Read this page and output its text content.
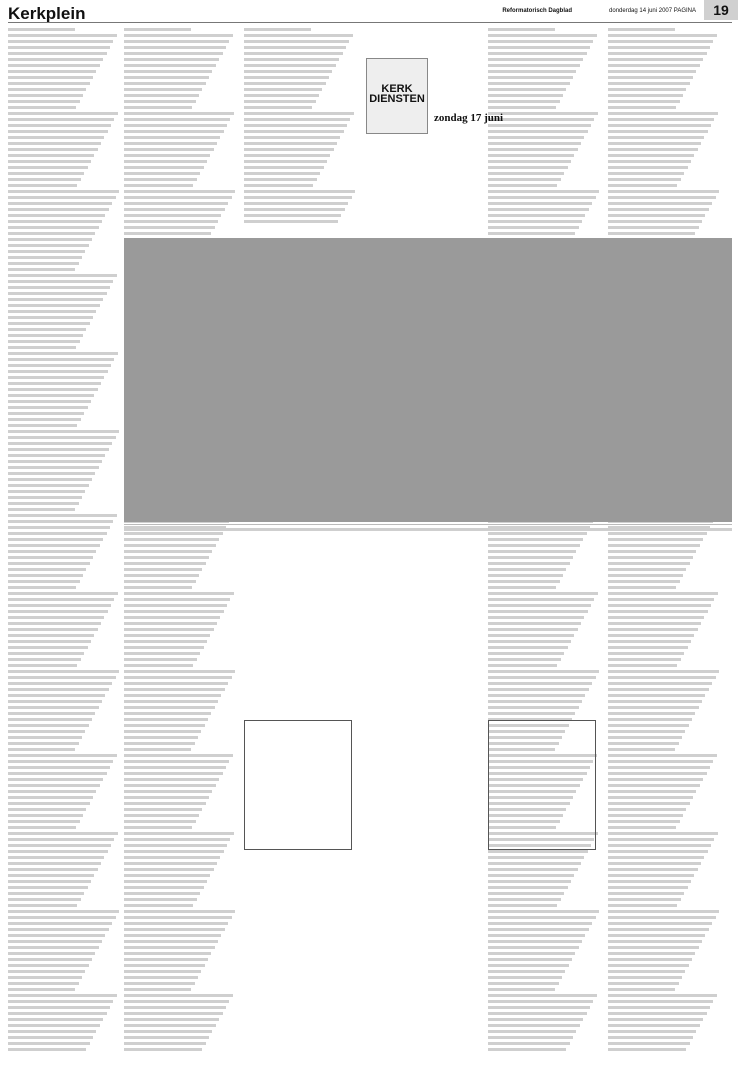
Kerkplein	Reformatorisch Dagblad	donderdag 14 juni 2007 PAGINA	19
KERK DIENSTEN
zondag 17 juni
